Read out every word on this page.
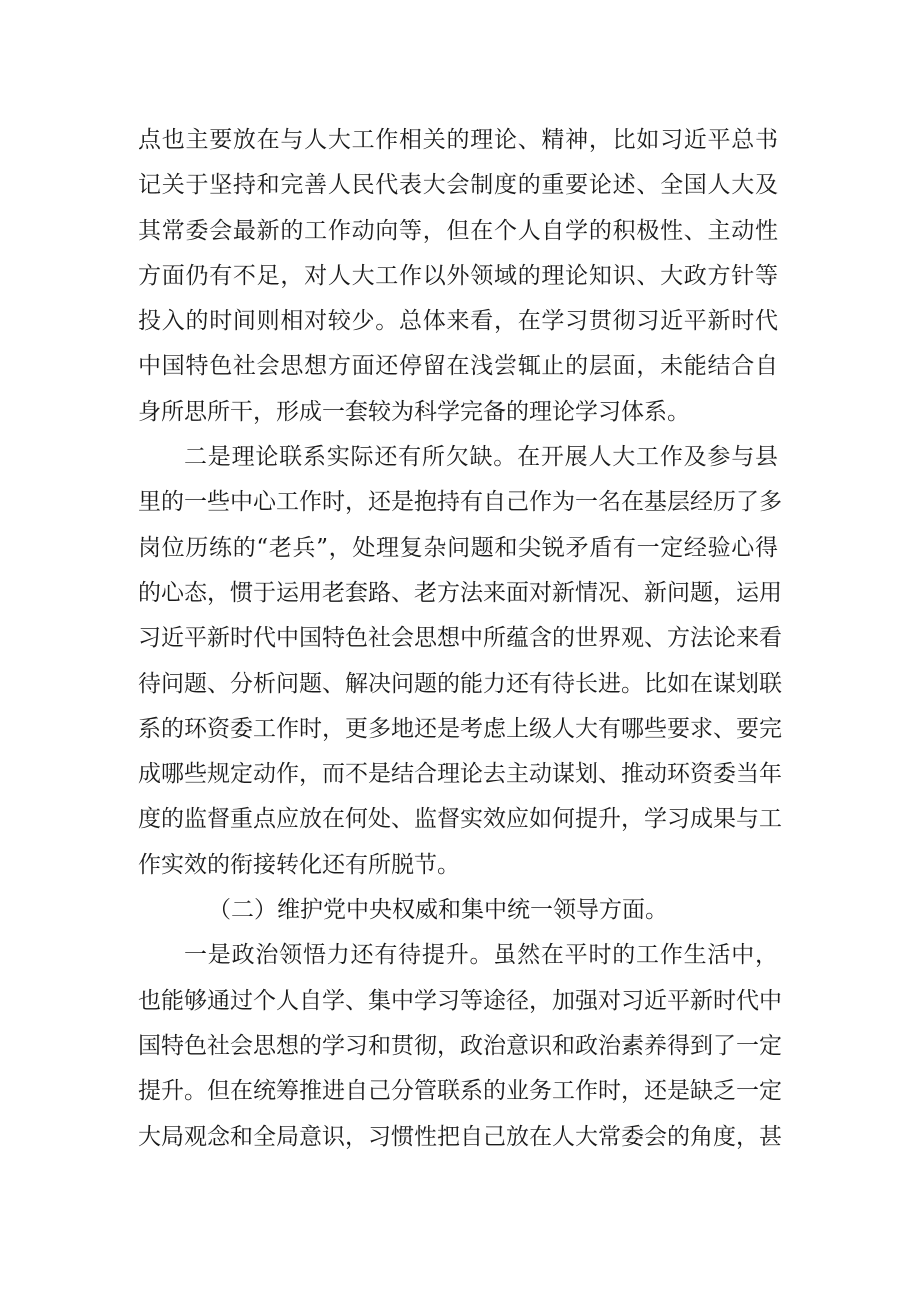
点也主要放在与人大工作相关的理论、精神，比如习近平总书
记关于坚持和完善人民代表大会制度的重要论述、全国人大及
其常委会最新的工作动向等，但在个人自学的积极性、主动性
方面仍有不足，对人大工作以外领域的理论知识、大政方针等
投入的时间则相对较少。总体来看，在学习贯彻习近平新时代
中国特色社会思想方面还停留在浅尝辄止的层面，未能结合自
身所思所干，形成一套较为科学完备的理论学习体系。
二是理论联系实际还有所欠缺。在开展人大工作及参与县
里的一些中心工作时，还是抱持有自己作为一名在基层经历了多
岗位历练的“老兵”，处理复杂问题和尖锐矛盾有一定经验心得
的心态，惯于运用老套路、老方法来面对新情况、新问题，运用
习近平新时代中国特色社会思想中所蕴含的世界观、方法论来看
待问题、分析问题、解决问题的能力还有待长进。比如在谋划联
系的环资委工作时，更多地还是考虑上级人大有哪些要求、要完
成哪些规定动作，而不是结合理论去主动谋划、推动环资委当年
度的监督重点应放在何处、监督实效应如何提升，学习成果与工
作实效的衔接转化还有所脱节。
（二）维护党中央权威和集中统一领导方面。
一是政治领悟力还有待提升。虽然在平时的工作生活中，
也能够通过个人自学、集中学习等途径，加强对习近平新时代中
国特色社会思想的学习和贯彻，政治意识和政治素养得到了一定
提升。但在统筹推进自己分管联系的业务工作时，还是缺乏一定
大局观念和全局意识，习惯性把自己放在人大常委会的角度，甚
